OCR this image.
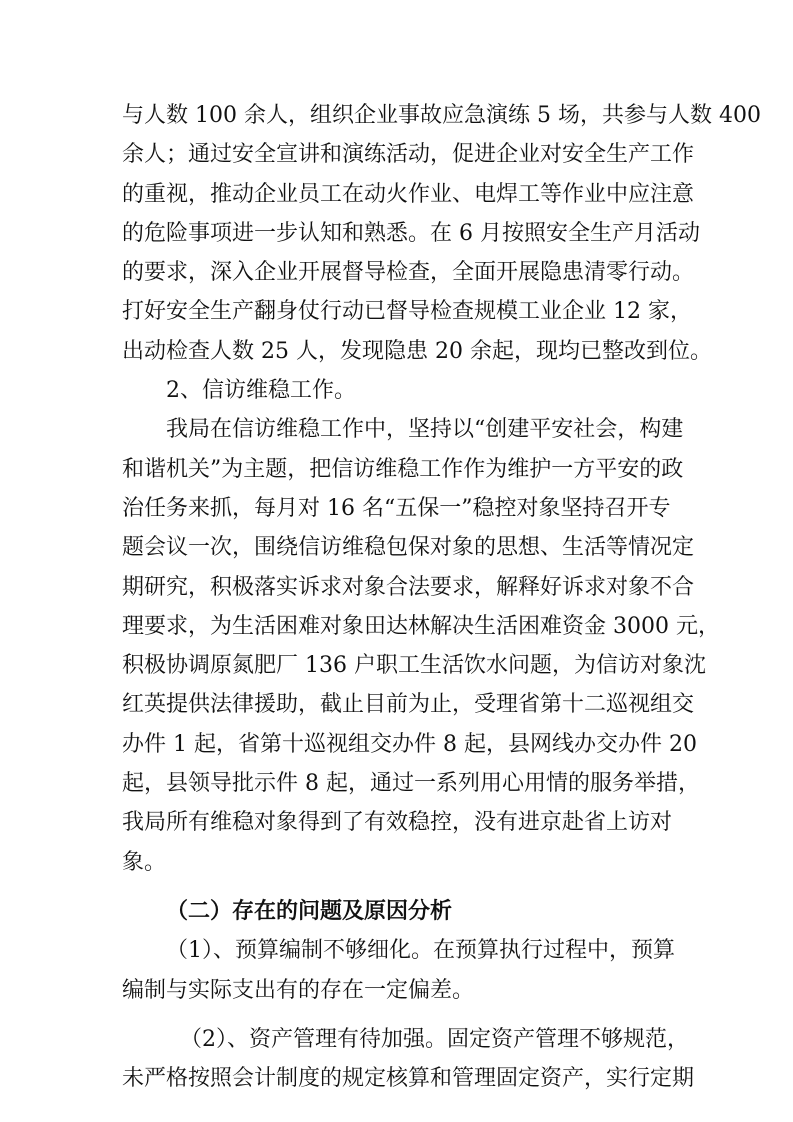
与人数 100 余人，组织企业事故应急演练 5 场，共参与人数 400
余人；通过安全宣讲和演练活动，促进企业对安全生产工作
的重视，推动企业员工在动火作业、电焊工等作业中应注意
的危险事项进一步认知和熟悉。在 6 月按照安全生产月活动
的要求，深入企业开展督导检查，全面开展隐患清零行动。
打好安全生产翻身仗行动已督导检查规模工业企业 12 家，
出动检查人数 25 人，发现隐患 20 余起，现均已整改到位。
2、信访维稳工作。
我局在信访维稳工作中，坚持以“创建平安社会，构建
和谐机关”为主题，把信访维稳工作作为维护一方平安的政
治任务来抓，每月对 16 名“五保一”稳控对象坚持召开专
题会议一次，围绕信访维稳包保对象的思想、生活等情况定
期研究，积极落实诉求对象合法要求，解释好诉求对象不合
理要求，为生活困难对象田达林解决生活困难资金 3000 元，
积极协调原氮肥厂 136 户职工生活饮水问题，为信访对象沈
红英提供法律援助，截止目前为止，受理省第十二巡视组交
办件 1 起，省第十巡视组交办件 8 起，县网线办交办件 20
起，县领导批示件 8 起，通过一系列用心用情的服务举措，
我局所有维稳对象得到了有效稳控，没有进京赴省上访对
象。
（二）存在的问题及原因分析
（1）、预算编制不够细化。在预算执行过程中，预算
编制与实际支出有的存在一定偏差。
（2）、资产管理有待加强。固定资产管理不够规范，
未严格按照会计制度的规定核算和管理固定资产，实行定期
